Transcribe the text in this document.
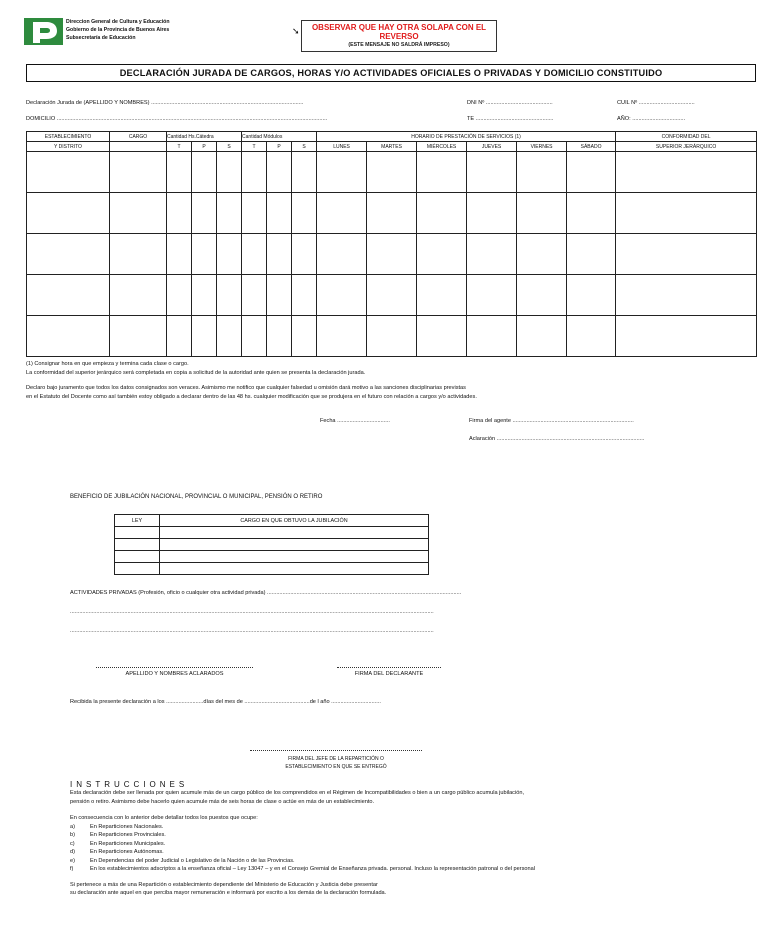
Direccion General de Cultura y Educación
Gobierno de la Provincia de Buenos Aires
Subsecretaría de Educación
➘	OBSERVAR QUE HAY OTRA SOLAPA CON EL REVERSO
(ESTE MENSAJE NO SALDRÁ IMPRESO)
DECLARACIÓN JURADA DE CARGOS, HORAS Y/O ACTIVIDADES OFICIALES O PRIVADAS Y DOMICILIO CONSTITUIDO
Declaración Jurada de (APELLIDO Y NOMBRES) ..................................................................................................	DNI Nº ...........................................	CUIL Nº ....................................
DOMICILIO ..............................................................................................................................................................................	TE ..................................................	AÑO: ..................................
ESTABLECIMIENTO	CARGO	Cantidad Hs.Cátedra			Cantidad Módulos			HORARIO DE PRESTACIÓN DE SERVICIOS (1)						CONFORMIDAD DEL
Y DISTRITO		T	P	S	T	P	S	LUNES	MARTES	MIÉRCOLES	JUEVES	VIERNES	SÁBADO	SUPERIOR JERÁRQUICO

(1) Consignar hora en que empieza y termina cada clase o cargo.
La conformidad del superior jerárquico será completada en copia a solicitud de la autoridad ante quien se presenta la declaración jurada.
Declaro bajo juramento que todos los datos consignados son veraces. Asimismo me notifico que cualquier falsedad u omisión dará motivo a las sanciones disciplinarias previstas
en el Estatuto del Docente como así también estoy obligado a declarar dentro de las 48 hs. cualquier modificación que se produjera en el futuro con relación a cargos y/o actividades.
Fecha ..................................	Firma del agente ..............................................................................
Aclaración ...............................................................................................
BENEFICIO DE JUBILACIÓN NACIONAL, PROVINCIAL O MUNICIPAL, PENSIÓN O RETIRO
LEY	CARGO EN QUE OBTUVO LA JUBILACIÓN

ACTIVIDADES PRIVADAS (Profesión, oficio o cualquier otra actividad privada) .............................................................................................................................
..........................................................................................................................................................................................................................................
..........................................................................................................................................................................................................................................
APELLIDO Y NOMBRES ACLARADOS	FIRMA DEL DECLARANTE
Recibida la presente declaración a los ........................días del mes de ..........................................de l año ................................
FIRMA DEL JEFE DE LA REPARTICIÓN O
ESTABLECIMIENTO EN QUE SE ENTREGÓ
INSTRUCCIONES
Esta declaración debe ser llenada por quien acumule más de un cargo público de los comprendidos en el Régimen de Incompatibilidades o bien a un cargo público acumula jubilación,
pensión o retiro. Asimismo debe hacerlo quien acumule más de seis horas de clase o actúe en más de un establecimiento.
En consecuencia con lo anterior debe detallar todos los puestos que ocupe:
a)	En Reparticiones Nacionales.
b)	En Reparticiones Provinciales.
c)	En Reparticiones Municipales.
d)	En Reparticiones Autónomas.
e)	En Dependencias del poder Judicial o Legislativo de la Nación o de las Provincias.
f)	En los establecimientos adscriptos a la enseñanza oficial – Ley 13047 – y en el Consejo Gremial de Enseñanza privada. personal. Incluso la representación patronal o del personal
Si pertenece a más de una Repartición o establecimiento dependiente del Ministerio de Educación y Justicia debe presentar
su declaración ante aquel en que perciba mayor remuneración e informará por escrito a los demás de la declaración formulada.
